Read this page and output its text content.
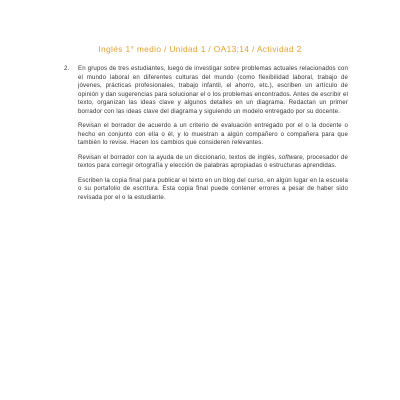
Inglés 1° medio / Unidad 1 / OA13;14 / Actividad 2
2. En grupos de tres estudiantes, luego de investigar sobre problemas actuales relacionados con el mundo laboral en diferentes culturas del mundo (como flexibilidad laboral, trabajo de jóvenes, prácticas profesionales, trabajo infantil, el ahorro, etc.), escriben un artículo de opinión y dan sugerencias para solucionar el o los problemas encontrados. Antes de escribir el texto, organizan las ideas clave y algunos detalles en un diagrama. Redactan un primer borrador con las ideas clave del diagrama y siguiendo un modelo entregado por su docente.

Revisan el borrador de acuerdo a un criterio de evaluación entregado por el o la docente o hecho en conjunto con ella o él, y lo muestran a algún compañero o compañera para que también lo revise. Hacen los cambios que consideren relevantes.

Revisan el borrador con la ayuda de un diccionario, textos de inglés, software, procesador de textos para corregir ortografía y elección de palabras apropiadas o estructuras aprendidas.

Escriben la copia final para publicar el texto en un blog del curso, en algún lugar en la escuela o su portafolio de escritura. Esta copia final puede contener errores a pesar de haber sido revisada por el o la estudiante.
